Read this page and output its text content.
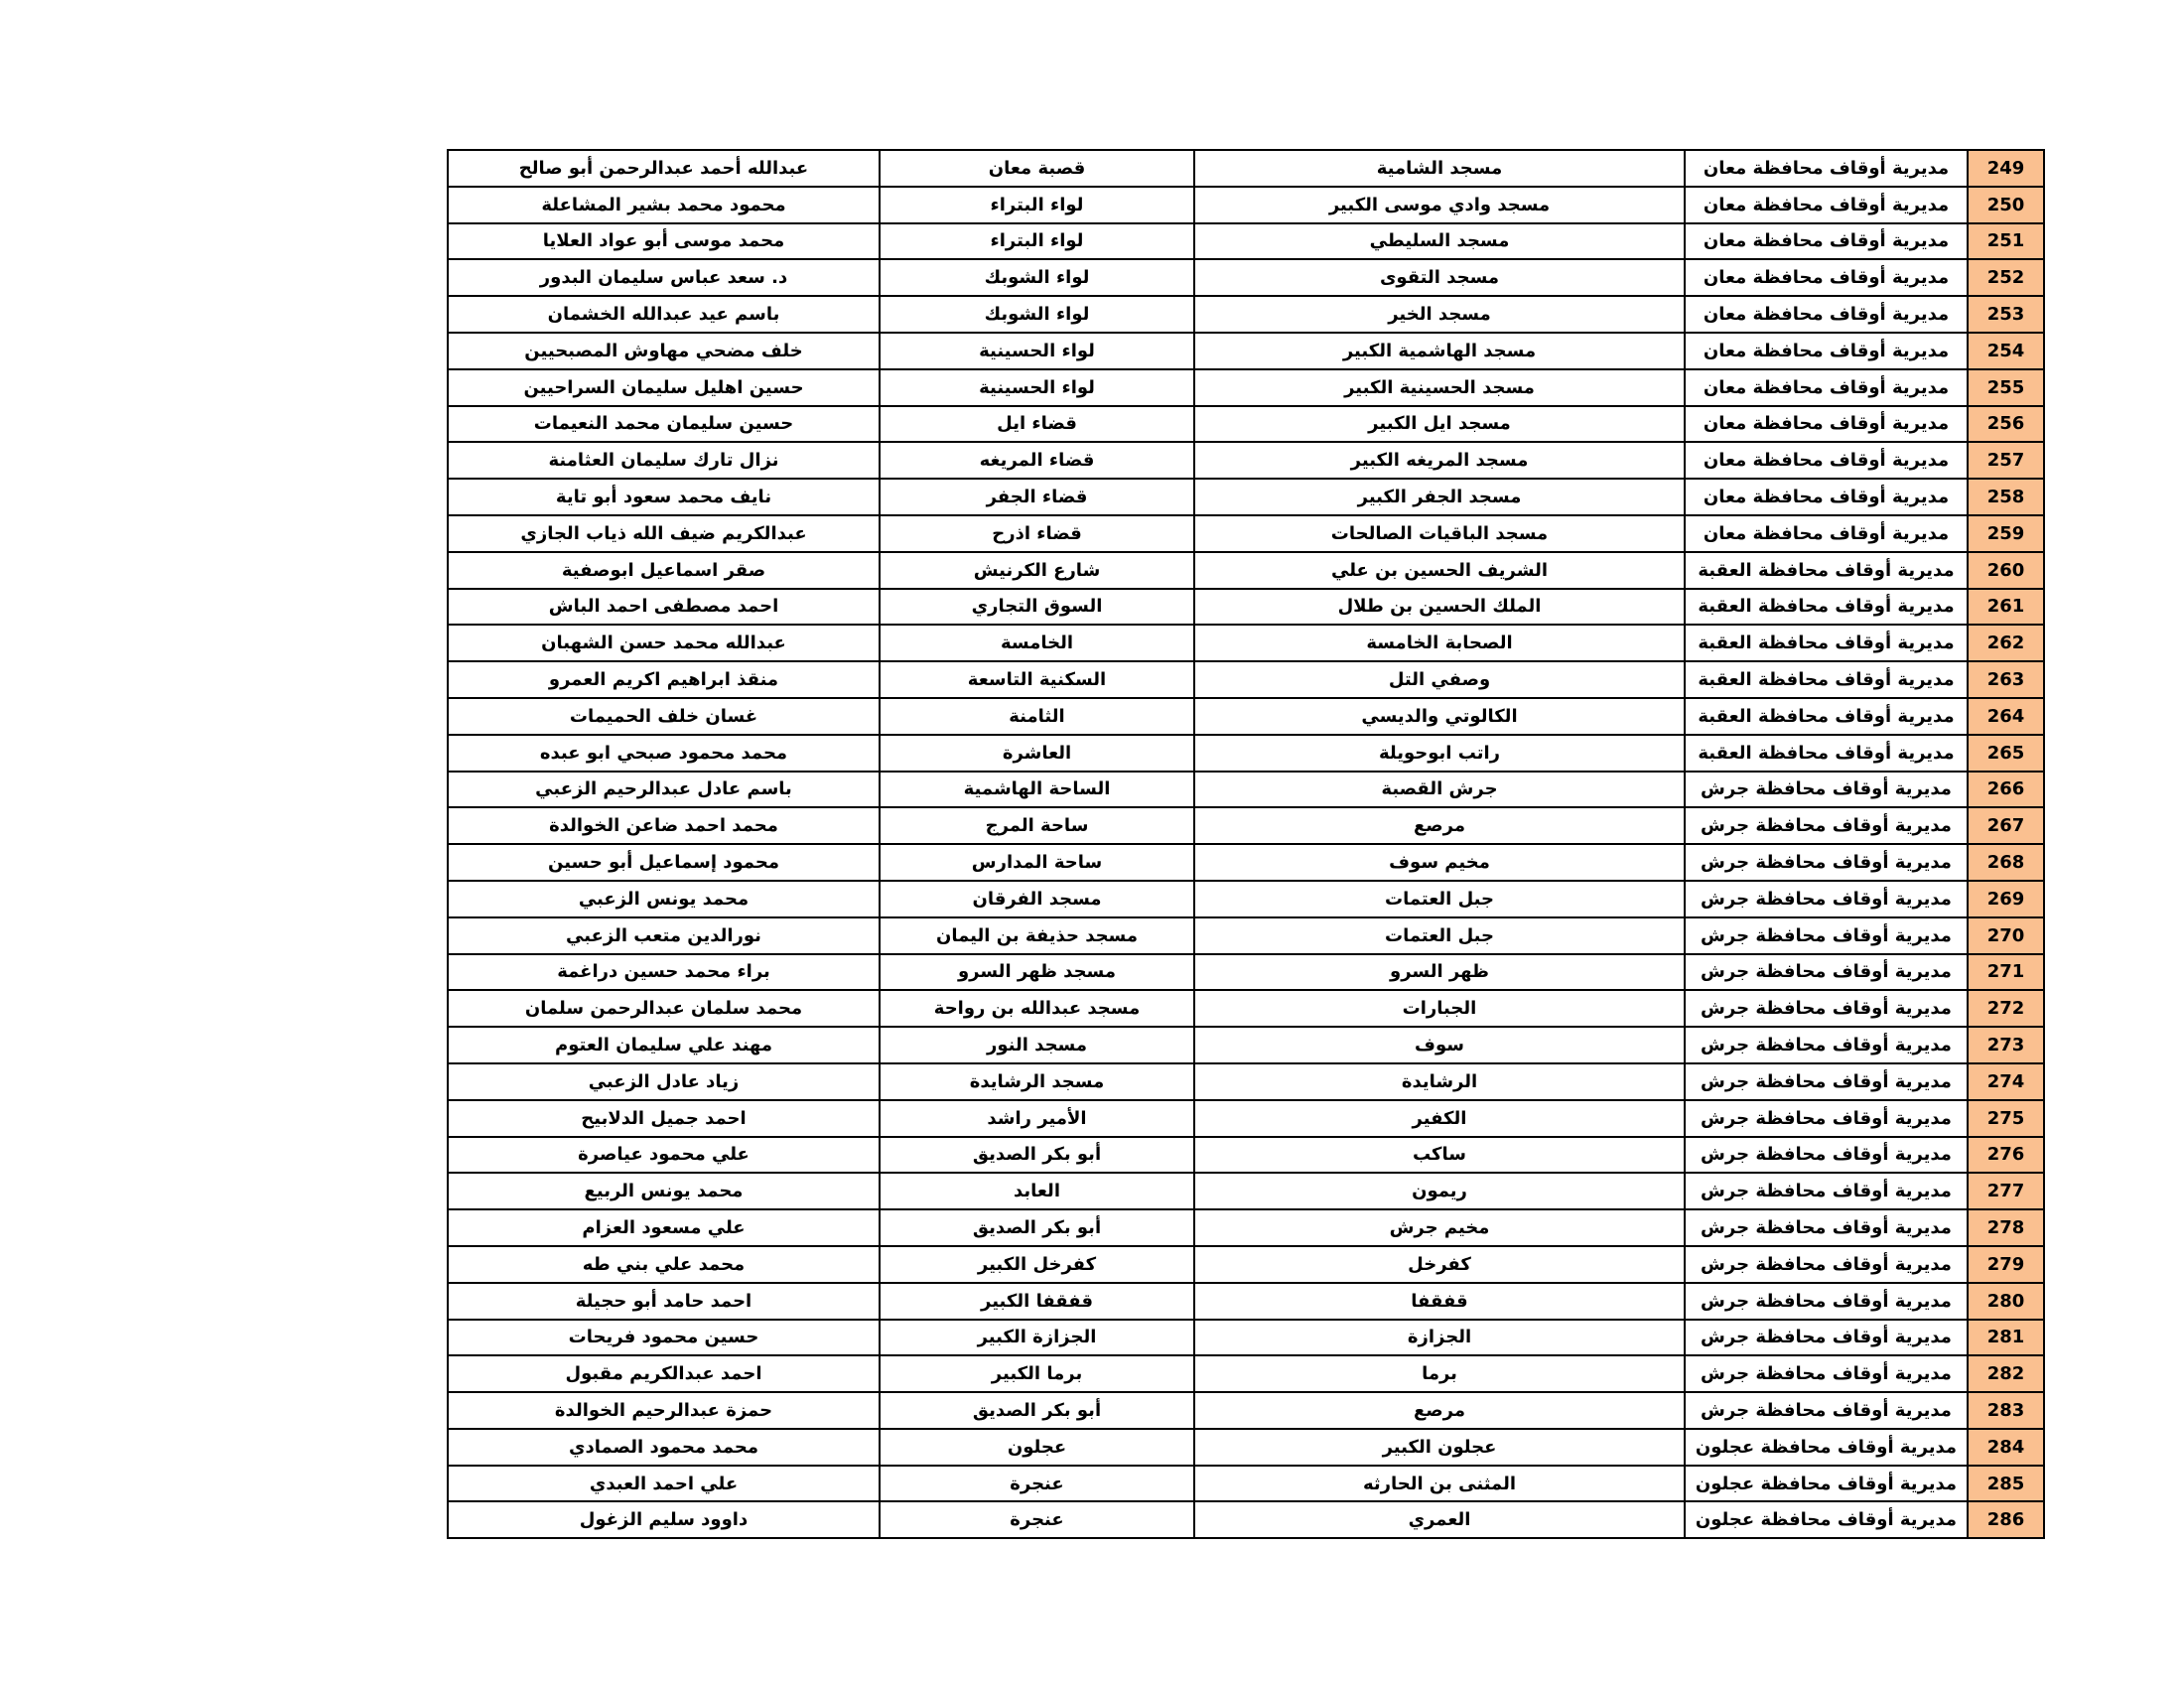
249	مديرية أوقاف محافظة معان	مسجد الشامية	قصبة معان	عبدالله أحمد عبدالرحمن أبو صالح
250	مديرية أوقاف محافظة معان	مسجد وادي موسى الكبير	لواء البتراء	محمود محمد بشير المشاعلة
251	مديرية أوقاف محافظة معان	مسجد السليطي	لواء البتراء	محمد موسى أبو عواد العلايا
252	مديرية أوقاف محافظة معان	مسجد التقوى	لواء الشوبك	د. سعد عباس سليمان البدور
253	مديرية أوقاف محافظة معان	مسجد الخير	لواء الشوبك	باسم عيد عبدالله الخشمان
254	مديرية أوقاف محافظة معان	مسجد الهاشمية الكبير	لواء الحسينية	خلف مضحي مهاوش المصبحيين
255	مديرية أوقاف محافظة معان	مسجد الحسينية الكبير	لواء الحسينية	حسين اهليل سليمان السراحيين
256	مديرية أوقاف محافظة معان	مسجد ايل الكبير	قضاء ايل	حسين سليمان محمد النعيمات
257	مديرية أوقاف محافظة معان	مسجد المريغه الكبير	قضاء المريغه	نزال تارك سليمان العثامنة
258	مديرية أوقاف محافظة معان	مسجد الجفر الكبير	قضاء الجفر	نايف محمد سعود أبو تاية
259	مديرية أوقاف محافظة معان	مسجد الباقيات الصالحات	قضاء اذرح	عبدالكريم ضيف الله ذياب الجازي
260	مديرية أوقاف محافظة العقبة	الشريف الحسين بن علي	شارع الكرنيش	صقر اسماعيل ابوصفية
261	مديرية أوقاف محافظة العقبة	الملك الحسين بن طلال	السوق التجاري	احمد مصطفى احمد الباش
262	مديرية أوقاف محافظة العقبة	الصحابة الخامسة	الخامسة	عبدالله محمد حسن الشهبان
263	مديرية أوقاف محافظة العقبة	وصفي التل	السكنية التاسعة	منقذ ابراهيم اكريم العمرو
264	مديرية أوقاف محافظة العقبة	الكالوتي والديسي	الثامنة	غسان خلف الحميمات
265	مديرية أوقاف محافظة العقبة	راتب ابوحويلة	العاشرة	محمد محمود صبحي ابو عبده
266	مديرية أوقاف محافظة جرش	جرش القصبة	الساحة الهاشمية	باسم عادل عبدالرحيم الزعبي
267	مديرية أوقاف محافظة جرش	مرصع	ساحة المرج	محمد احمد ضاعن الخوالدة
268	مديرية أوقاف محافظة جرش	مخيم سوف	ساحة المدارس	محمود إسماعيل أبو حسين
269	مديرية أوقاف محافظة جرش	جبل العتمات	مسجد الفرقان	محمد يونس الزعبي
270	مديرية أوقاف محافظة جرش	جبل العتمات	مسجد حذيفة بن اليمان	نورالدين متعب الزعبي
271	مديرية أوقاف محافظة جرش	ظهر السرو	مسجد ظهر السرو	براء محمد حسين دراغمة
272	مديرية أوقاف محافظة جرش	الجبارات	مسجد عبدالله بن رواحة	محمد سلمان عبدالرحمن سلمان
273	مديرية أوقاف محافظة جرش	سوف	مسجد النور	مهند علي سليمان العتوم
274	مديرية أوقاف محافظة جرش	الرشايدة	مسجد الرشايدة	زياد عادل الزعبي
275	مديرية أوقاف محافظة جرش	الكفير	الأمير راشد	احمد جميل الدلابيح
276	مديرية أوقاف محافظة جرش	ساكب	أبو بكر الصديق	علي محمود عياصرة
277	مديرية أوقاف محافظة جرش	ريمون	العابد	محمد يونس الربيع
278	مديرية أوقاف محافظة جرش	مخيم جرش	أبو بكر الصديق	علي مسعود العزام
279	مديرية أوقاف محافظة جرش	كفرخل	كفرخل الكبير	محمد علي بني طه
280	مديرية أوقاف محافظة جرش	قفقفا	قفقفا الكبير	احمد حامد أبو حجيلة
281	مديرية أوقاف محافظة جرش	الجزازة	الجزازة الكبير	حسين محمود فريحات
282	مديرية أوقاف محافظة جرش	برما	برما الكبير	احمد عبدالكريم مقبول
283	مديرية أوقاف محافظة جرش	مرصع	أبو بكر الصديق	حمزة عبدالرحيم الخوالدة
284	مديرية أوقاف محافظة عجلون	عجلون الكبير	عجلون	محمد محمود الصمادي
285	مديرية أوقاف محافظة عجلون	المثنى بن الحارثه	عنجرة	علي احمد العبدي
286	مديرية أوقاف محافظة عجلون	العمري	عنجرة	داوود سليم الزغول
